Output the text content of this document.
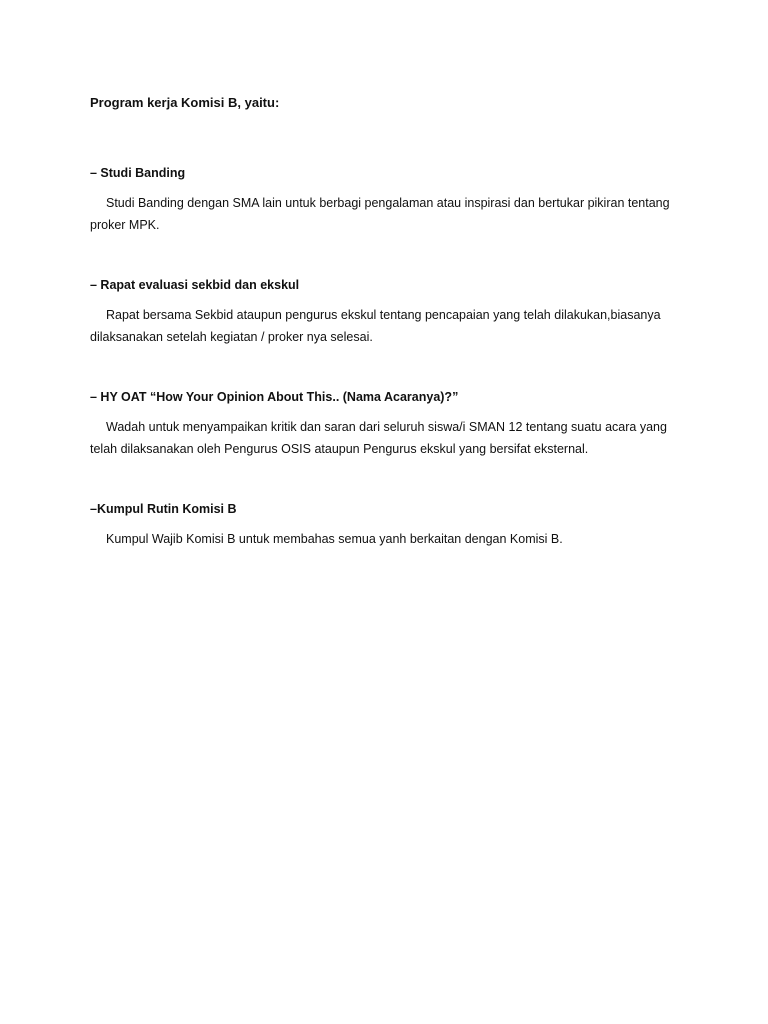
Program kerja Komisi B, yaitu:

– Studi Banding

Studi Banding dengan SMA lain untuk berbagi pengalaman atau inspirasi dan bertukar pikiran tentang proker MPK.

– Rapat evaluasi sekbid dan ekskul

Rapat bersama Sekbid ataupun pengurus ekskul tentang pencapaian yang telah dilakukan,biasanya dilaksanakan setelah kegiatan / proker nya selesai.

– HY OAT “How Your Opinion About This.. (Nama Acaranya)?”

Wadah untuk menyampaikan kritik dan saran dari seluruh siswa/i SMAN 12 tentang suatu acara yang telah dilaksanakan oleh Pengurus OSIS ataupun Pengurus ekskul yang bersifat eksternal.

–Kumpul Rutin Komisi B

Kumpul Wajib Komisi B untuk membahas semua yanh berkaitan dengan Komisi B.
